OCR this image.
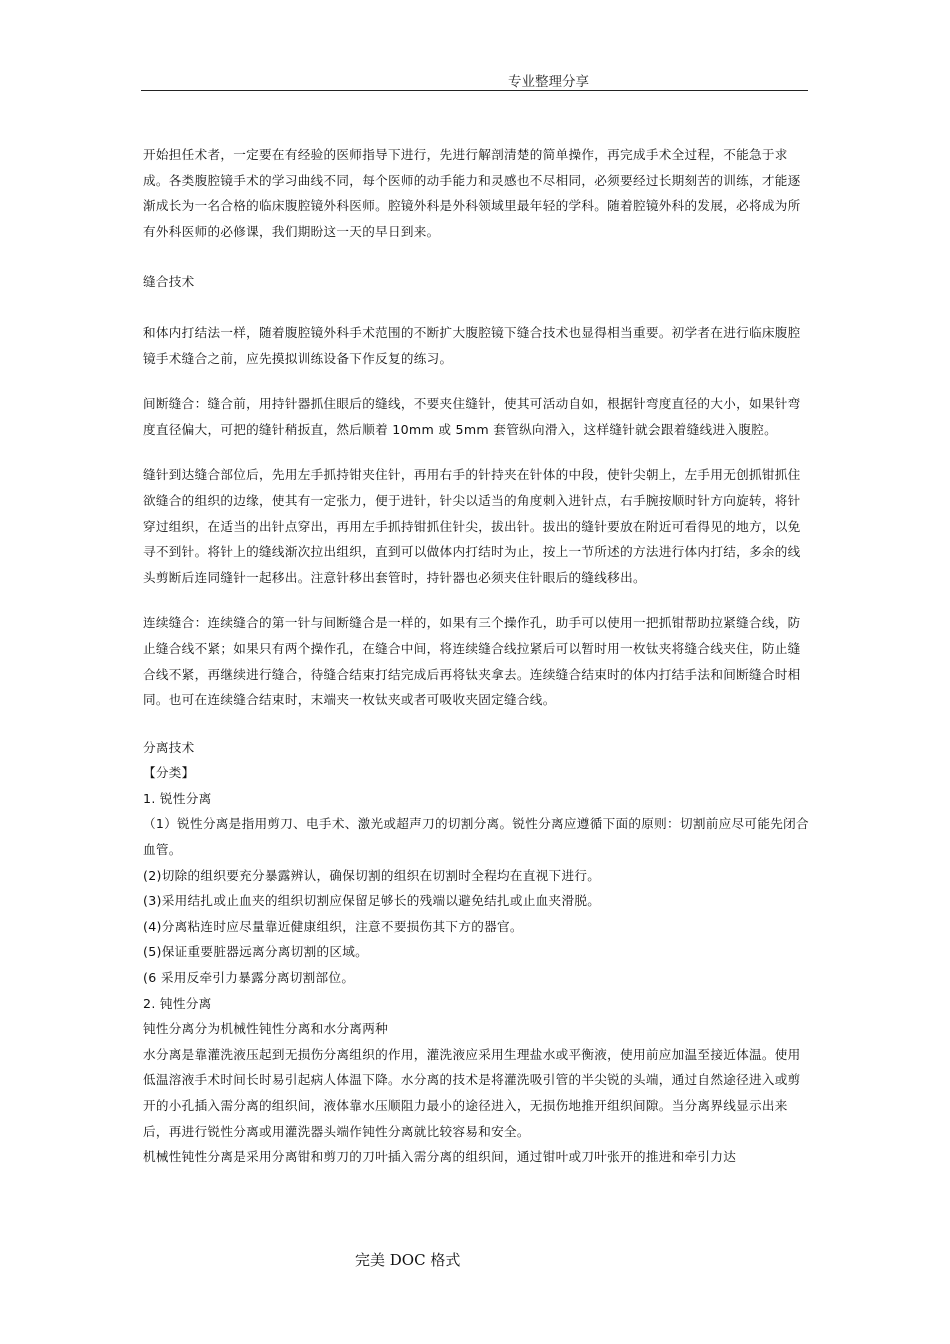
专业整理分享

开始担任术者，一定要在有经验的医师指导下进行，先进行解剖清楚的简单操作，再完成手术全过程，不能急于求成。各类腹腔镜手术的学习曲线不同，每个医师的动手能力和灵感也不尽相同，必须要经过长期刻苦的训练，才能逐渐成长为一名合格的临床腹腔镜外科医师。腔镜外科是外科领域里最年轻的学科。随着腔镜外科的发展，必将成为所有外科医师的必修课，我们期盼这一天的早日到来。

缝合技术

和体内打结法一样，随着腹腔镜外科手术范围的不断扩大腹腔镜下缝合技术也显得相当重要。初学者在进行临床腹腔镜手术缝合之前，应先摸拟训练设备下作反复的练习。

间断缝合：缝合前，用持针器抓住眼后的缝线，不要夹住缝针，使其可活动自如，根据针弯度直径的大小，如果针弯度直径偏大，可把的缝针稍扳直，然后顺着 10mm 或 5mm 套管纵向滑入，这样缝针就会跟着缝线进入腹腔。

缝针到达缝合部位后，先用左手抓持钳夹住针，再用右手的针持夹在针体的中段，使针尖朝上，左手用无创抓钳抓住欲缝合的组织的边缘，使其有一定张力，便于进针，针尖以适当的角度刺入进针点，右手腕按顺时针方向旋转，将针穿过组织，在适当的出针点穿出，再用左手抓持钳抓住针尖，拔出针。拔出的缝针要放在附近可看得见的地方，以免寻不到针。将针上的缝线渐次拉出组织，直到可以做体内打结时为止，按上一节所述的方法进行体内打结，多余的线头剪断后连同缝针一起移出。注意针移出套管时，持针器也必须夹住针眼后的缝线移出。

连续缝合：连续缝合的第一针与间断缝合是一样的，如果有三个操作孔，助手可以使用一把抓钳帮助拉紧缝合线，防止缝合线不紧；如果只有两个操作孔，在缝合中间，将连续缝合线拉紧后可以暂时用一枚钛夹将缝合线夹住，防止缝合线不紧，再继续进行缝合，待缝合结束打结完成后再将钛夹拿去。连续缝合结束时的体内打结手法和间断缝合时相同。也可在连续缝合结束时，末端夹一枚钛夹或者可吸收夹固定缝合线。

分离技术

【分类】

1. 锐性分离

（1）锐性分离是指用剪刀、电手术、激光或超声刀的切割分离。锐性分离应遵循下面的原则：切割前应尽可能先闭合血管。

(2)切除的组织要充分暴露辨认，确保切割的组织在切割时全程均在直视下进行。

(3)采用结扎或止血夹的组织切割应保留足够长的残端以避免结扎或止血夹滑脱。

(4)分离粘连时应尽量靠近健康组织，注意不要损伤其下方的器官。

(5)保证重要脏器远离分离切割的区域。

(6 采用反牵引力暴露分离切割部位。

2. 钝性分离

钝性分离分为机械性钝性分离和水分离两种

水分离是靠灌洗液压起到无损伤分离组织的作用，灌洗液应采用生理盐水或平衡液，使用前应加温至接近体温。使用低温溶液手术时间长时易引起病人体温下降。水分离的技术是将灌洗吸引管的半尖锐的头端，通过自然途径进入或剪开的小孔插入需分离的组织间，液体靠水压顺阻力最小的途径进入，无损伤地推开组织间隙。当分离界线显示出来后，再进行锐性分离或用灌洗器头端作钝性分离就比较容易和安全。

机械性钝性分离是采用分离钳和剪刀的刀叶插入需分离的组织间，通过钳叶或刀叶张开的推进和牵引力达

完美 DOC 格式
